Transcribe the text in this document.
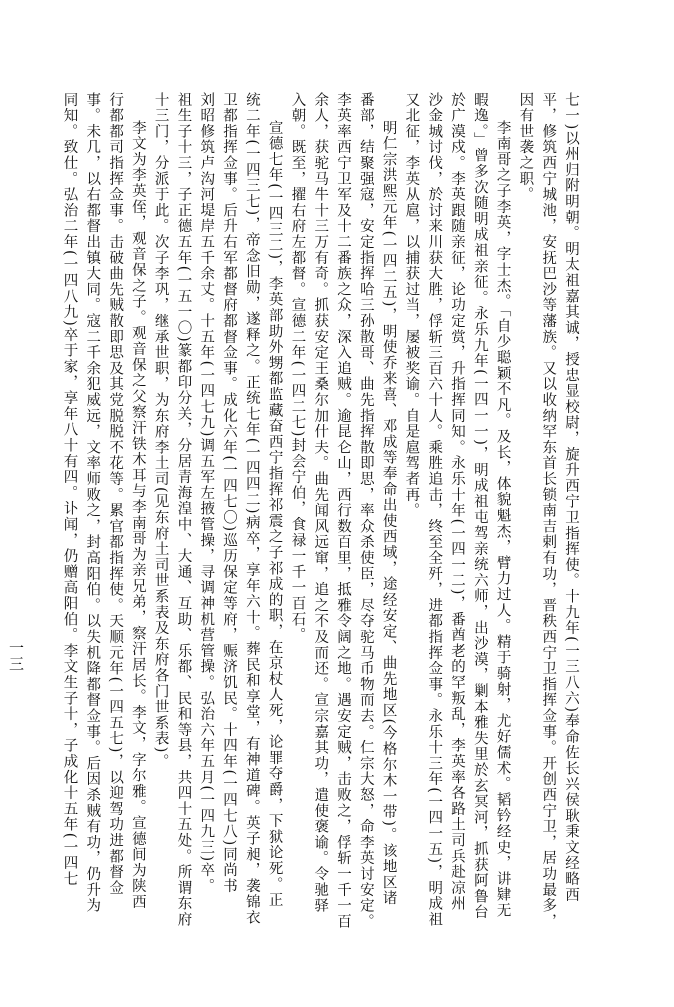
七一)以州归附明朝。明太祖嘉其诚，授忠显校尉，旋升西宁卫指挥使。十九年(一三八六)奉命佐长兴侯耿秉文经略西
平，修筑西宁城池，安抚巴沙等藩族。又以收纳罕东首长锁南吉剌有功，晋秩西宁卫指挥佥事。开创西宁卫，居功最多，
因有世袭之职。
李南哥之子李英，字士杰。「自少聪颖不凡。及长，体貌魁杰，臂力过人。精于骑射，尤好儒术。韬钤经史，讲肄无
暇逸。」曾多次随明成祖亲征。永乐九年(一四一一)，明成祖屯驾亲统六师，出沙漠，剿本雅失里於玄冥河，抓获阿鲁台
於广漠戍。李英跟随亲征，论功定赏，升指挥同知。永乐十年(一四一二)，番酋老的罕叛乱，李英率各路土司兵赴凉州
沙金城讨伐，於讨来川获大胜，俘斩三百六十人。乘胜追击，终至全歼，进都指挥佥事。永乐十三年(一四一五)，明成祖
又北征，李英从扈，以捕获过当，屡被奖谕。自是扈驾者再。
明仁宗洪熙元年(一四二五)，明使乔来喜、邓成等奉命出使西域，途经安定、曲先地区(今格尔木一带)。该地区诸
番部，结聚强寇，安定指挥哈三孙散哥、曲先指挥散即思，率众杀使臣，尽夺驼马币物而去。仁宗大怒，命李英讨安定。
李英率西宁卫军及十二番族之众，深入追贼。逾昆仑山，西行数百里，抵雅令阔之地。遇安定贼，击败之，俘斩一千一百
余人，获驼马牛十三万有奇。抓获安定王桑尔加什夫。曲先闻风远窜，追之不及而还。宣宗嘉其功，遣使褒谕。令驰驿
入朝。既至，擢右府左都督。宣德二年(一四二七)封会宁伯，食禄一千一百石。
宣德七年(一四三二)，李英部助外甥都监藏奋西宁指挥祁震之子祁成的职，在京杖人死，论罪夺爵，下狱论死。正
统二年(一四三七)，帝念旧勋，遂释之。正统七年(一四四二)病卒，享年六十。葬民和享堂，有神道碑。英子昶，袭锦衣
卫都指挥佥事。后升右军都督府都督佥事。成化六年(一四七〇)巡历保定等府，赈济饥民。十四年(一四七八)同尚书
刘昭修筑卢沟河堤岸五千余丈。十五年(一四七九)调五军左掖管操，寻调神机营管操。弘治六年五月(一四九三)卒。
祖生子十三，子正德五年(一五一〇)篆都印分关，分居青海湟中、大通、互助、乐都、民和等县，共四十五处。所谓东府
十三门，分派于此。次子李巩，继承世职，为东府李土司(见东府土司世系表及东府各门世系表)。
李文为李英侄，观音保之子。观音保之父察汗铁木耳与李南哥为亲兄弟，察汗居长。李文，字尔雅。宣德间为陕西
行都都司指挥佥事。击破曲先贼散即思及其党脱脱不花等。累官都指挥使。天顺元年(一四五七)，以迎驾功进都督佥
事。未几，以右都督出镇大同。寇二千余犯威远，文率师败之，封高阳伯。以失机降都督佥事。后因杀贼有功，仍升为
同知。致仕。弘治二年(一四八九)卒于家，享年八十有四。讣闻，仍赠高阳伯。李文生子十，子成化十五年(一四七
一三
